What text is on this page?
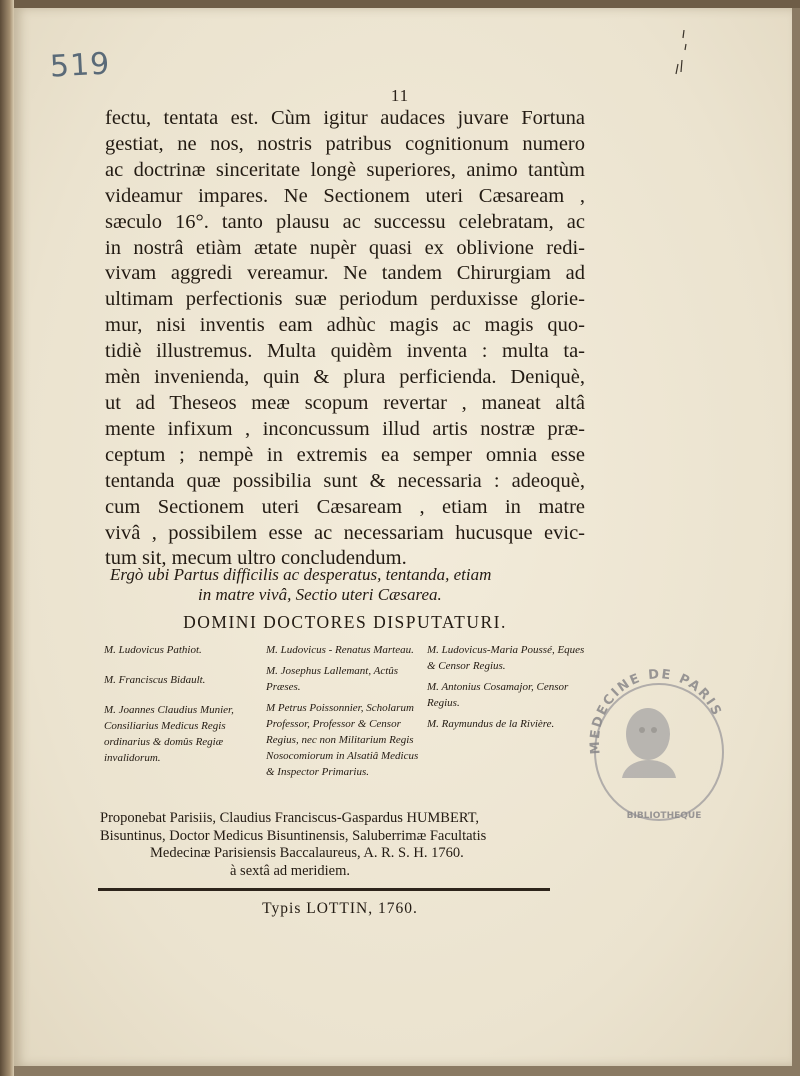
519
11
fectu, tentata est. Cùm igitur audaces juvare Fortuna
gestiat, ne nos, nostris patribus cognitionum numero
ac doctrinæ sinceritate longè superiores, animo tantùm
videamur impares. Ne Sectionem uteri Cæsaream ,
sæculo 16°. tanto plausu ac successu celebratam, ac
in nostrâ etiàm ætate nupèr quasi ex oblivione redi-
vivam aggredi vereamur. Ne tandem Chirurgiam ad
ultimam perfectionis suæ periodum perduxisse glorie-
mur, nisi inventis eam adhùc magis ac magis quo-
tidiè illustremus. Multa quidèm inventa : multa ta-
mèn invenienda, quin & plura perficienda. Deniquè,
ut ad Theseos meæ scopum revertar , maneat altâ
mente infixum , inconcussum illud artis nostræ præ-
ceptum ; nempè in extremis ea semper omnia esse
tentanda quæ possibilia sunt & necessaria : adeoquè,
cum Sectionem uteri Cæsaream , etiam in matre
vivâ , possibilem esse ac necessariam hucusque evic-
tum sit, mecum ultro concludendum.
Ergò ubi Partus difficilis ac desperatus, tentanda, etiam
in matre vivâ, Sectio uteri Cæsarea.
DOMINI DOCTORES DISPUTATURI.
M. Ludovicus Pathiot.
M. Franciscus Bidault.
M. Joannes Claudius Munier, Consiliarius Medicus Regis ordinarius & domûs Regiæ invalidorum.
M. Ludovicus - Renatus Marteau.
M. Josephus Lallemant, Actûs Præses.
M Petrus Poissonnier, Scholarum Professor, Professor & Censor Regius, nec non Militarium Regis Nosocomiorum in Alsatiâ Medicus & Inspector Primarius.
M. Ludovicus-Maria Poussé, Eques & Censor Regius.
M. Antonius Cosamajor, Censor Regius.
M. Raymundus de la Rivière.
MEDECINE DE PARIS
BIBLIOTHEQUE
Proponebat Parisiis, Claudius Franciscus-Gaspardus HUMBERT,
Bisuntinus, Doctor Medicus Bisuntinensis, Saluberrimæ Facultatis
Medecinæ Parisiensis Baccalaureus, A. R. S. H. 1760.
à sextâ ad meridiem.
Typis LOTTIN, 1760.
